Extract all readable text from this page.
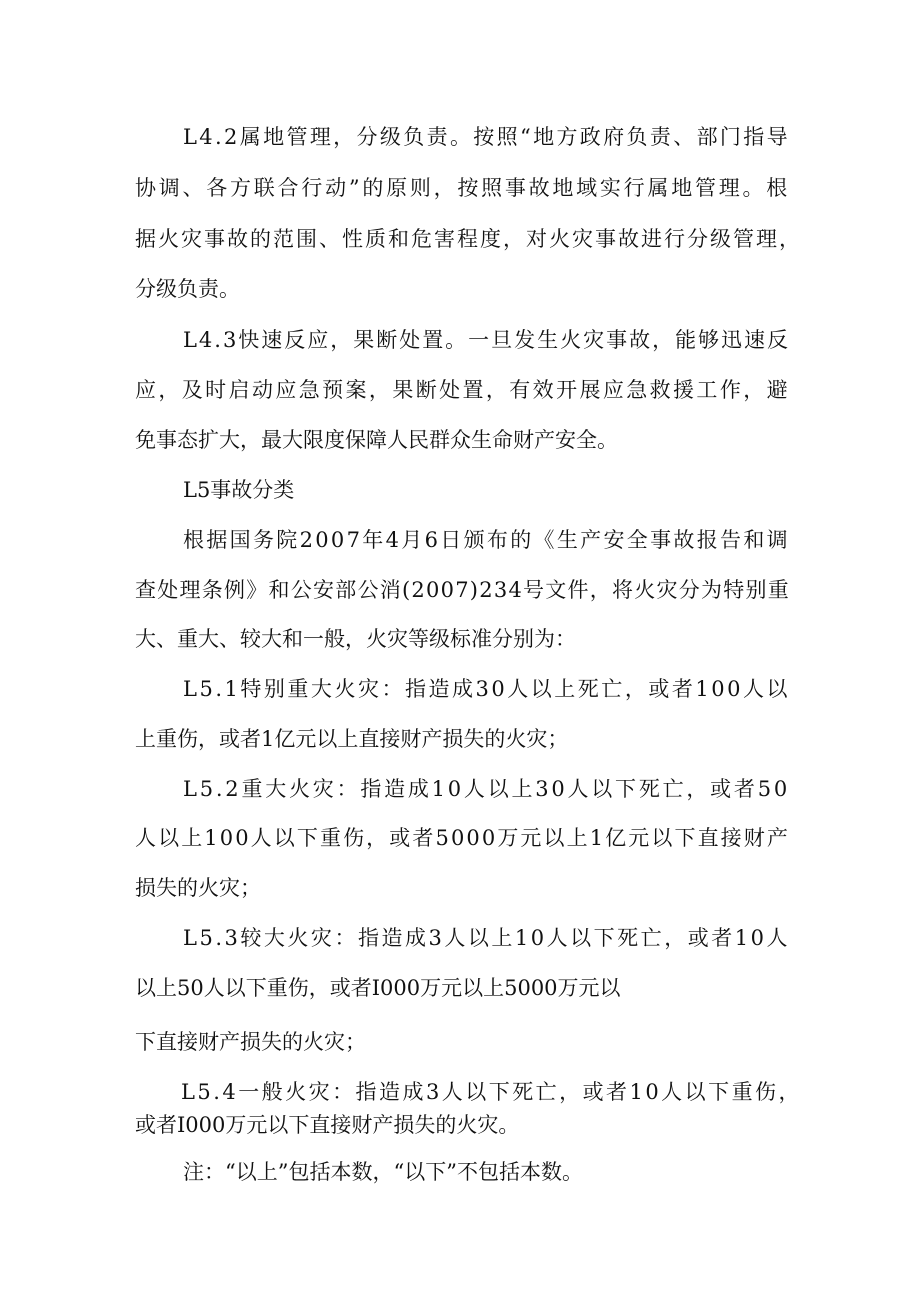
L4.2属地管理，分级负责。按照“地方政府负责、部门指导
协调、各方联合行动”的原则，按照事故地域实行属地管理。根
据火灾事故的范围、性质和危害程度，对火灾事故进行分级管理，
分级负责。
L4.3快速反应，果断处置。一旦发生火灾事故，能够迅速反
应，及时启动应急预案，果断处置，有效开展应急救援工作，避
免事态扩大，最大限度保障人民群众生命财产安全。
L5事故分类
根据国务院2007年4月6日颁布的《生产安全事故报告和调
查处理条例》和公安部公消(2007)234号文件，将火灾分为特别重
大、重大、较大和一般，火灾等级标准分别为：
L5.1特别重大火灾：指造成30人以上死亡，或者100人以
上重伤，或者1亿元以上直接财产损失的火灾；
L5.2重大火灾：指造成10人以上30人以下死亡，或者50
人以上100人以下重伤，或者5000万元以上1亿元以下直接财产
损失的火灾；
L5.3较大火灾：指造成3人以上10人以下死亡，或者10人
以上50人以下重伤，或者I000万元以上5000万元以
下直接财产损失的火灾；
L5.4一般火灾：指造成3人以下死亡，或者10人以下重伤，
或者I000万元以下直接财产损失的火灾。
注：“以上”包括本数，“以下”不包括本数。
